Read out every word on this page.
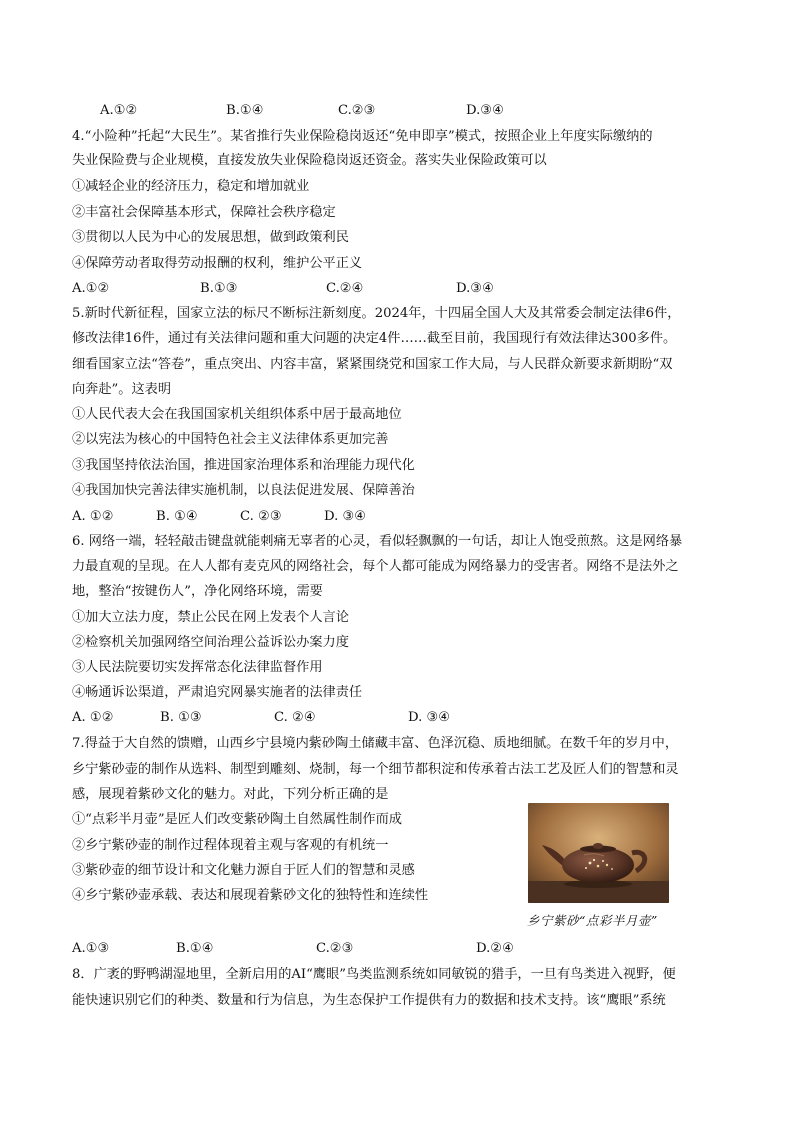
A.①②	B.①④	C.②③	D.③④
4.“小险种”托起“大民生”。某省推行失业保险稳岗返还“免申即享”模式，按照企业上年度实际缴纳的
失业保险费与企业规模，直接发放失业保险稳岗返还资金。落实失业保险政策可以
①减轻企业的经济压力，稳定和增加就业
②丰富社会保障基本形式，保障社会秩序稳定
③贯彻以人民为中心的发展思想，做到政策利民
④保障劳动者取得劳动报酬的权利，维护公平正义
A.①②	B.①③	C.②④	D.③④
5.新时代新征程，国家立法的标尺不断标注新刻度。2024年，十四届全国人大及其常委会制定法律6件，
修改法律16件，通过有关法律问题和重大问题的决定4件……截至目前，我国现行有效法律达300多件。
细看国家立法“答卷”，重点突出、内容丰富，紧紧围绕党和国家工作大局，与人民群众新要求新期盼“双
向奔赴”。这表明
①人民代表大会在我国国家机关组织体系中居于最高地位
②以宪法为核心的中国特色社会主义法律体系更加完善
③我国坚持依法治国，推进国家治理体系和治理能力现代化
④我国加快完善法律实施机制，以良法促进发展、保障善治
A. ①②	B. ①④	C. ②③	D. ③④
6. 网络一端，轻轻敲击键盘就能刺痛无辜者的心灵，看似轻飘飘的一句话，却让人饱受煎熬。这是网络暴
力最直观的呈现。在人人都有麦克风的网络社会，每个人都可能成为网络暴力的受害者。网络不是法外之
地，整治“按键伤人”，净化网络环境，需要
①加大立法力度，禁止公民在网上发表个人言论
②检察机关加强网络空间治理公益诉讼办案力度
③人民法院要切实发挥常态化法律监督作用
④畅通诉讼渠道，严肃追究网暴实施者的法律责任
A. ①②	B. ①③	C. ②④	D. ③④
7.得益于大自然的馈赠，山西乡宁县境内紫砂陶土储藏丰富、色泽沉稳、质地细腻。在数千年的岁月中，
乡宁紫砂壶的制作从选料、制型到雕刻、烧制，每一个细节都积淀和传承着古法工艺及匠人们的智慧和灵
感，展现着紫砂文化的魅力。对此，下列分析正确的是
①“点彩半月壶”是匠人们改变紫砂陶土自然属性制作而成
②乡宁紫砂壶的制作过程体现着主观与客观的有机统一
③紫砂壶的细节设计和文化魅力源自于匠人们的智慧和灵感
④乡宁紫砂壶承载、表达和展现着紫砂文化的独特性和连续性
乡宁紫砂“点彩半月壶”
A.①③	B.①④	C.②③	D.②④
8．广袤的野鸭湖湿地里，全新启用的AI“鹰眼”鸟类监测系统如同敏锐的猎手，一旦有鸟类进入视野，便
能快速识别它们的种类、数量和行为信息，为生态保护工作提供有力的数据和技术支持。该“鹰眼”系统
